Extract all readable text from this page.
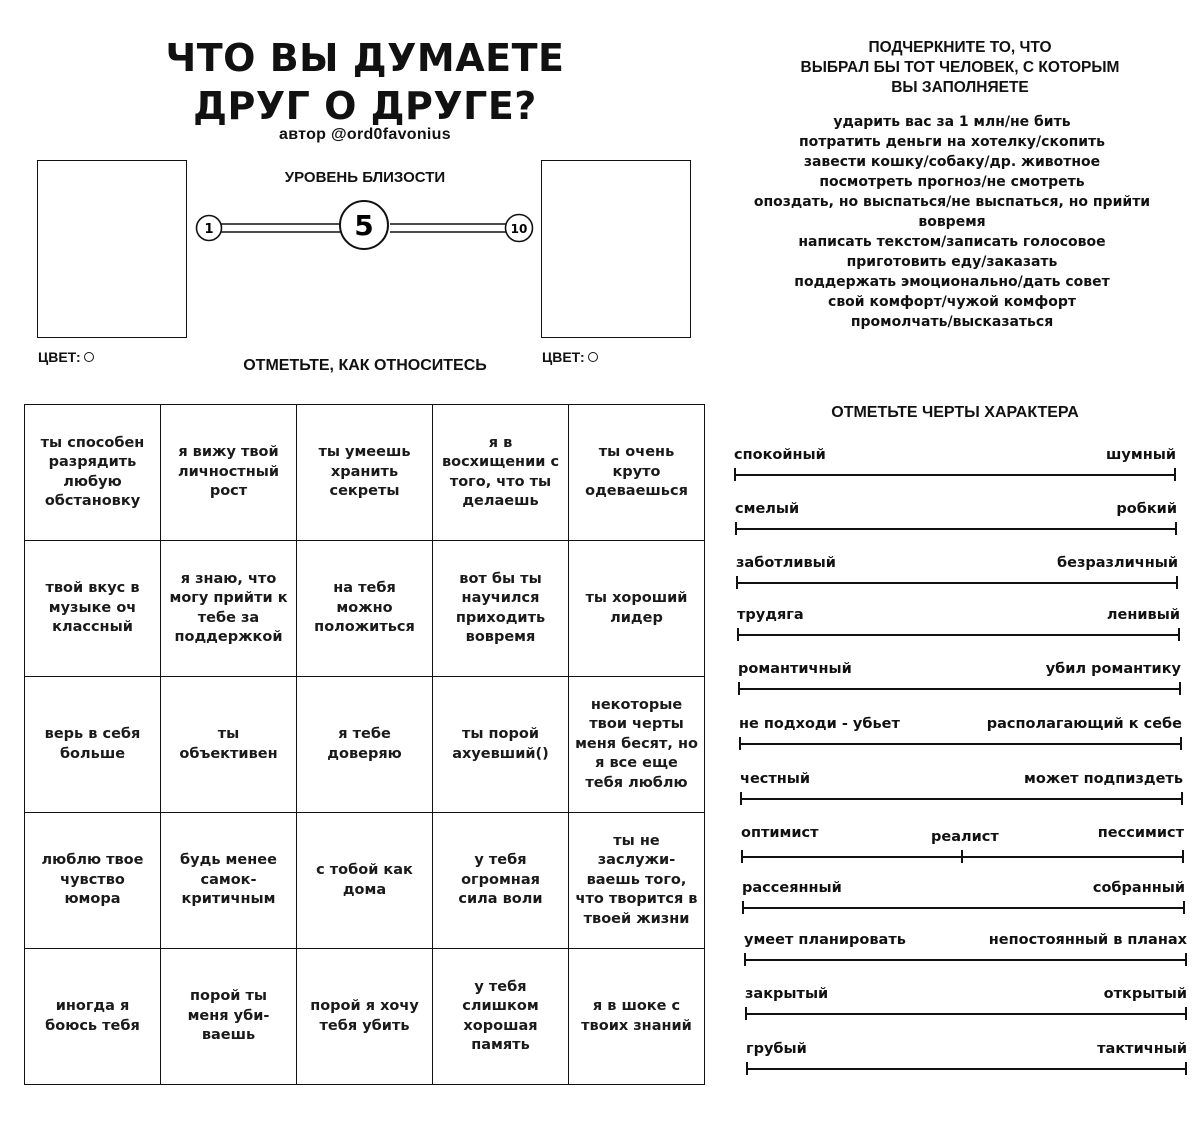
ЧТО ВЫ ДУМАЕТЕ
ДРУГ О ДРУГЕ?
автор @ord0favonius
ЦВЕТ:	ЦВЕТ:
УРОВЕНЬ БЛИЗОСТИ
1	5	10
ОТМЕТЬТЕ, КАК ОТНОСИТЕСЬ
ПОДЧЕРКНИТЕ ТО, ЧТО
ВЫБРАЛ БЫ ТОТ ЧЕЛОВЕК, С КОТОРЫМ
ВЫ ЗАПОЛНЯЕТЕ
ударить вас за 1 млн/не бить
потратить деньги на хотелку/скопить
завести кошку/собаку/др. животное
посмотреть прогноз/не смотреть
опоздать, но выспаться/не выспаться, но прийти вовремя
написать текстом/записать голосовое
приготовить еду/заказать
поддержать эмоционально/дать совет
свой комфорт/чужой комфорт
промолчать/высказаться
ты способен разрядить любую обстановку	я вижу твой личностный рост	ты умеешь хранить секреты	я в восхищении с того, что ты делаешь	ты очень круто одеваешься
твой вкус в музыке оч классный	я знаю, что могу прийти к тебе за поддержкой	на тебя можно положиться	вот бы ты научился приходить вовремя	ты хороший лидер
верь в себя больше	ты объективен	я тебе доверяю	ты порой ахуевший()	некоторые твои черты меня бесят, но я все еще тебя люблю
люблю твое чувство юмора	будь менее самок-критичным	с тобой как дома	у тебя огромная сила воли	ты не заслужи-ваешь того, что творится в твоей жизни
иногда я боюсь тебя	порой ты меня уби-ваешь	порой я хочу тебя убить	у тебя слишком хорошая память	я в шоке с твоих знаний
ОТМЕТЬТЕ ЧЕРТЫ ХАРАКТЕРА
спокойный	шумный
смелый	робкий
заботливый	безразличный
трудяга	ленивый
романтичный	убил романтику
не подходи - убьет	располагающий к себе
честный	может подпиздеть
оптимист	реалист	пессимист
рассеянный	собранный
умеет планировать	непостоянный в планах
закрытый	открытый
грубый	тактичный
